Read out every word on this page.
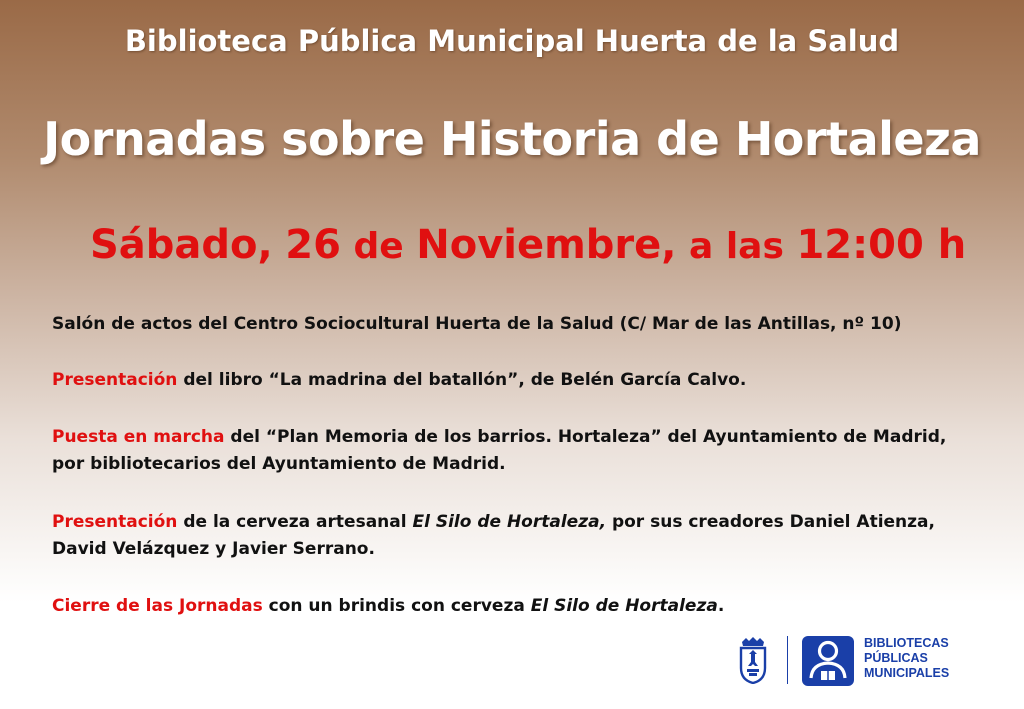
Biblioteca Pública Municipal Huerta de la Salud
Jornadas sobre Historia de Hortaleza
Sábado, 26 de Noviembre, a las 12:00 h
Salón de actos del Centro Sociocultural Huerta de la Salud (C/ Mar de las Antillas, nº 10)
Presentación del libro “La madrina del batallón”, de Belén García Calvo.
Puesta en marcha del “Plan Memoria de los barrios. Hortaleza” del Ayuntamiento de Madrid, por bibliotecarios del Ayuntamiento de Madrid.
Presentación de la cerveza artesanal El Silo de Hortaleza, por sus creadores Daniel Atienza, David Velázquez y Javier Serrano.
Cierre de las Jornadas con un brindis con cerveza El Silo de Hortaleza.
BIBLIOTECAS
PÚBLICAS
MUNICIPALES
